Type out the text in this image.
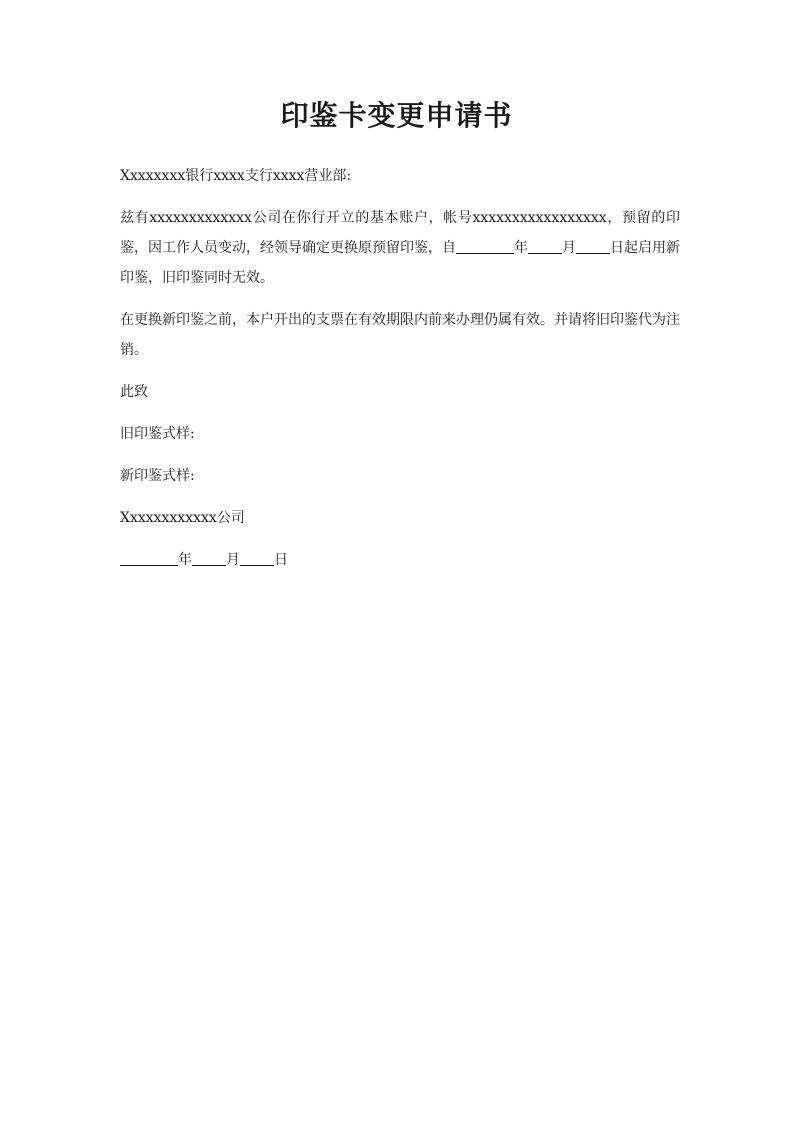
印鉴卡变更申请书

Xxxxxxxx银行xxxx支行xxxx营业部:

兹有xxxxxxxxxxxxx公司在你行开立的基本账户，帐号xxxxxxxxxxxxxxxxx，预留的印鉴，因工作人员变动，经领导确定更换原预留印鉴，自	年 月 日起启用新印鉴，旧印鉴同时无效。

在更换新印鉴之前，本户开出的支票在有效期限内前来办理仍属有效。并请将旧印鉴代为注销。

此致

旧印鉴式样:

新印鉴式样:

Xxxxxxxxxxxx公司

年 月 日
